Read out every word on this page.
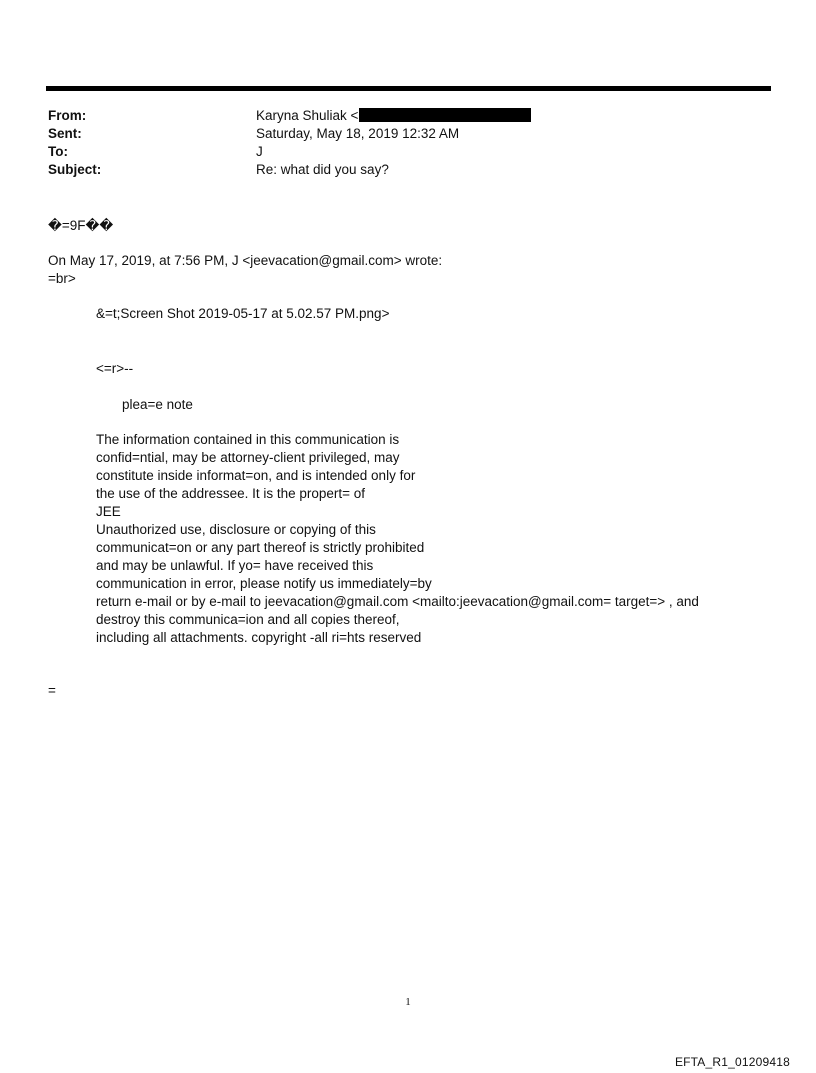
From:	Karyna Shuliak <
Sent:	Saturday, May 18, 2019 12:32 AM
To:	J
Subject:	Re: what did you say?
�=9F��
On May 17, 2019, at 7:56 PM, J <jeevacation@gmail.com> wrote:
=br>
&=t;Screen Shot 2019-05-17 at 5.02.57 PM.png>
<=r>--
plea=e note
The information contained in this communication is
confid=ntial, may be attorney-client privileged, may
constitute inside informat=on, and is intended only for
the use of the addressee. It is the propert= of
JEE
Unauthorized use, disclosure or copying of this
communicat=on or any part thereof is strictly prohibited
and may be unlawful. If yo= have received this
communication in error, please notify us immediately=by
return e-mail or by e-mail to jeevacation@gmail.com <mailto:jeevacation@gmail.com= target=> , and
destroy this communica=ion and all copies thereof,
including all attachments. copyright -all ri=hts reserved
=
1
EFTA_R1_01209418
